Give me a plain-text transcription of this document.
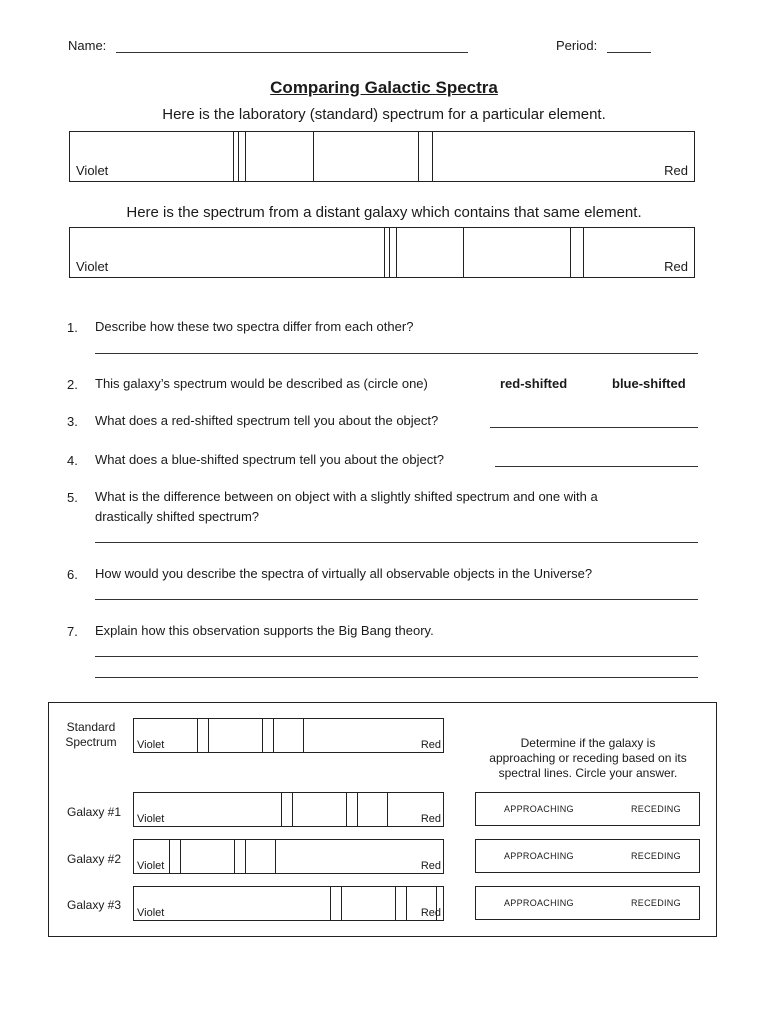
Name:	Period:
Comparing Galactic Spectra
Here is the laboratory (standard) spectrum for a particular element.
Violet	Red
Here is the spectrum from a distant galaxy which contains that same element.
Violet	Red
1. Describe how these two spectra differ from each other?
2. This galaxy’s spectrum would be described as (circle one)	red-shifted	blue-shifted
3. What does a red-shifted spectrum tell you about the object?
4. What does a blue-shifted spectrum tell you about the object?
5. What is the difference between on object with a slightly shifted spectrum and one with a
drastically shifted spectrum?
6. How would you describe the spectra of virtually all observable objects in the Universe?
7. Explain how this observation supports the Big Bang theory.
Standard
Spectrum	Violet	Red	Determine if the galaxy is
approaching or receding based on its
spectral lines. Circle your answer.
Galaxy #1 Violet	Red
APPROACHING	RECEDING
Galaxy #2 Violet	Red
APPROACHING	RECEDING
Galaxy #3
Violet	Red
APPROACHING	RECEDING
